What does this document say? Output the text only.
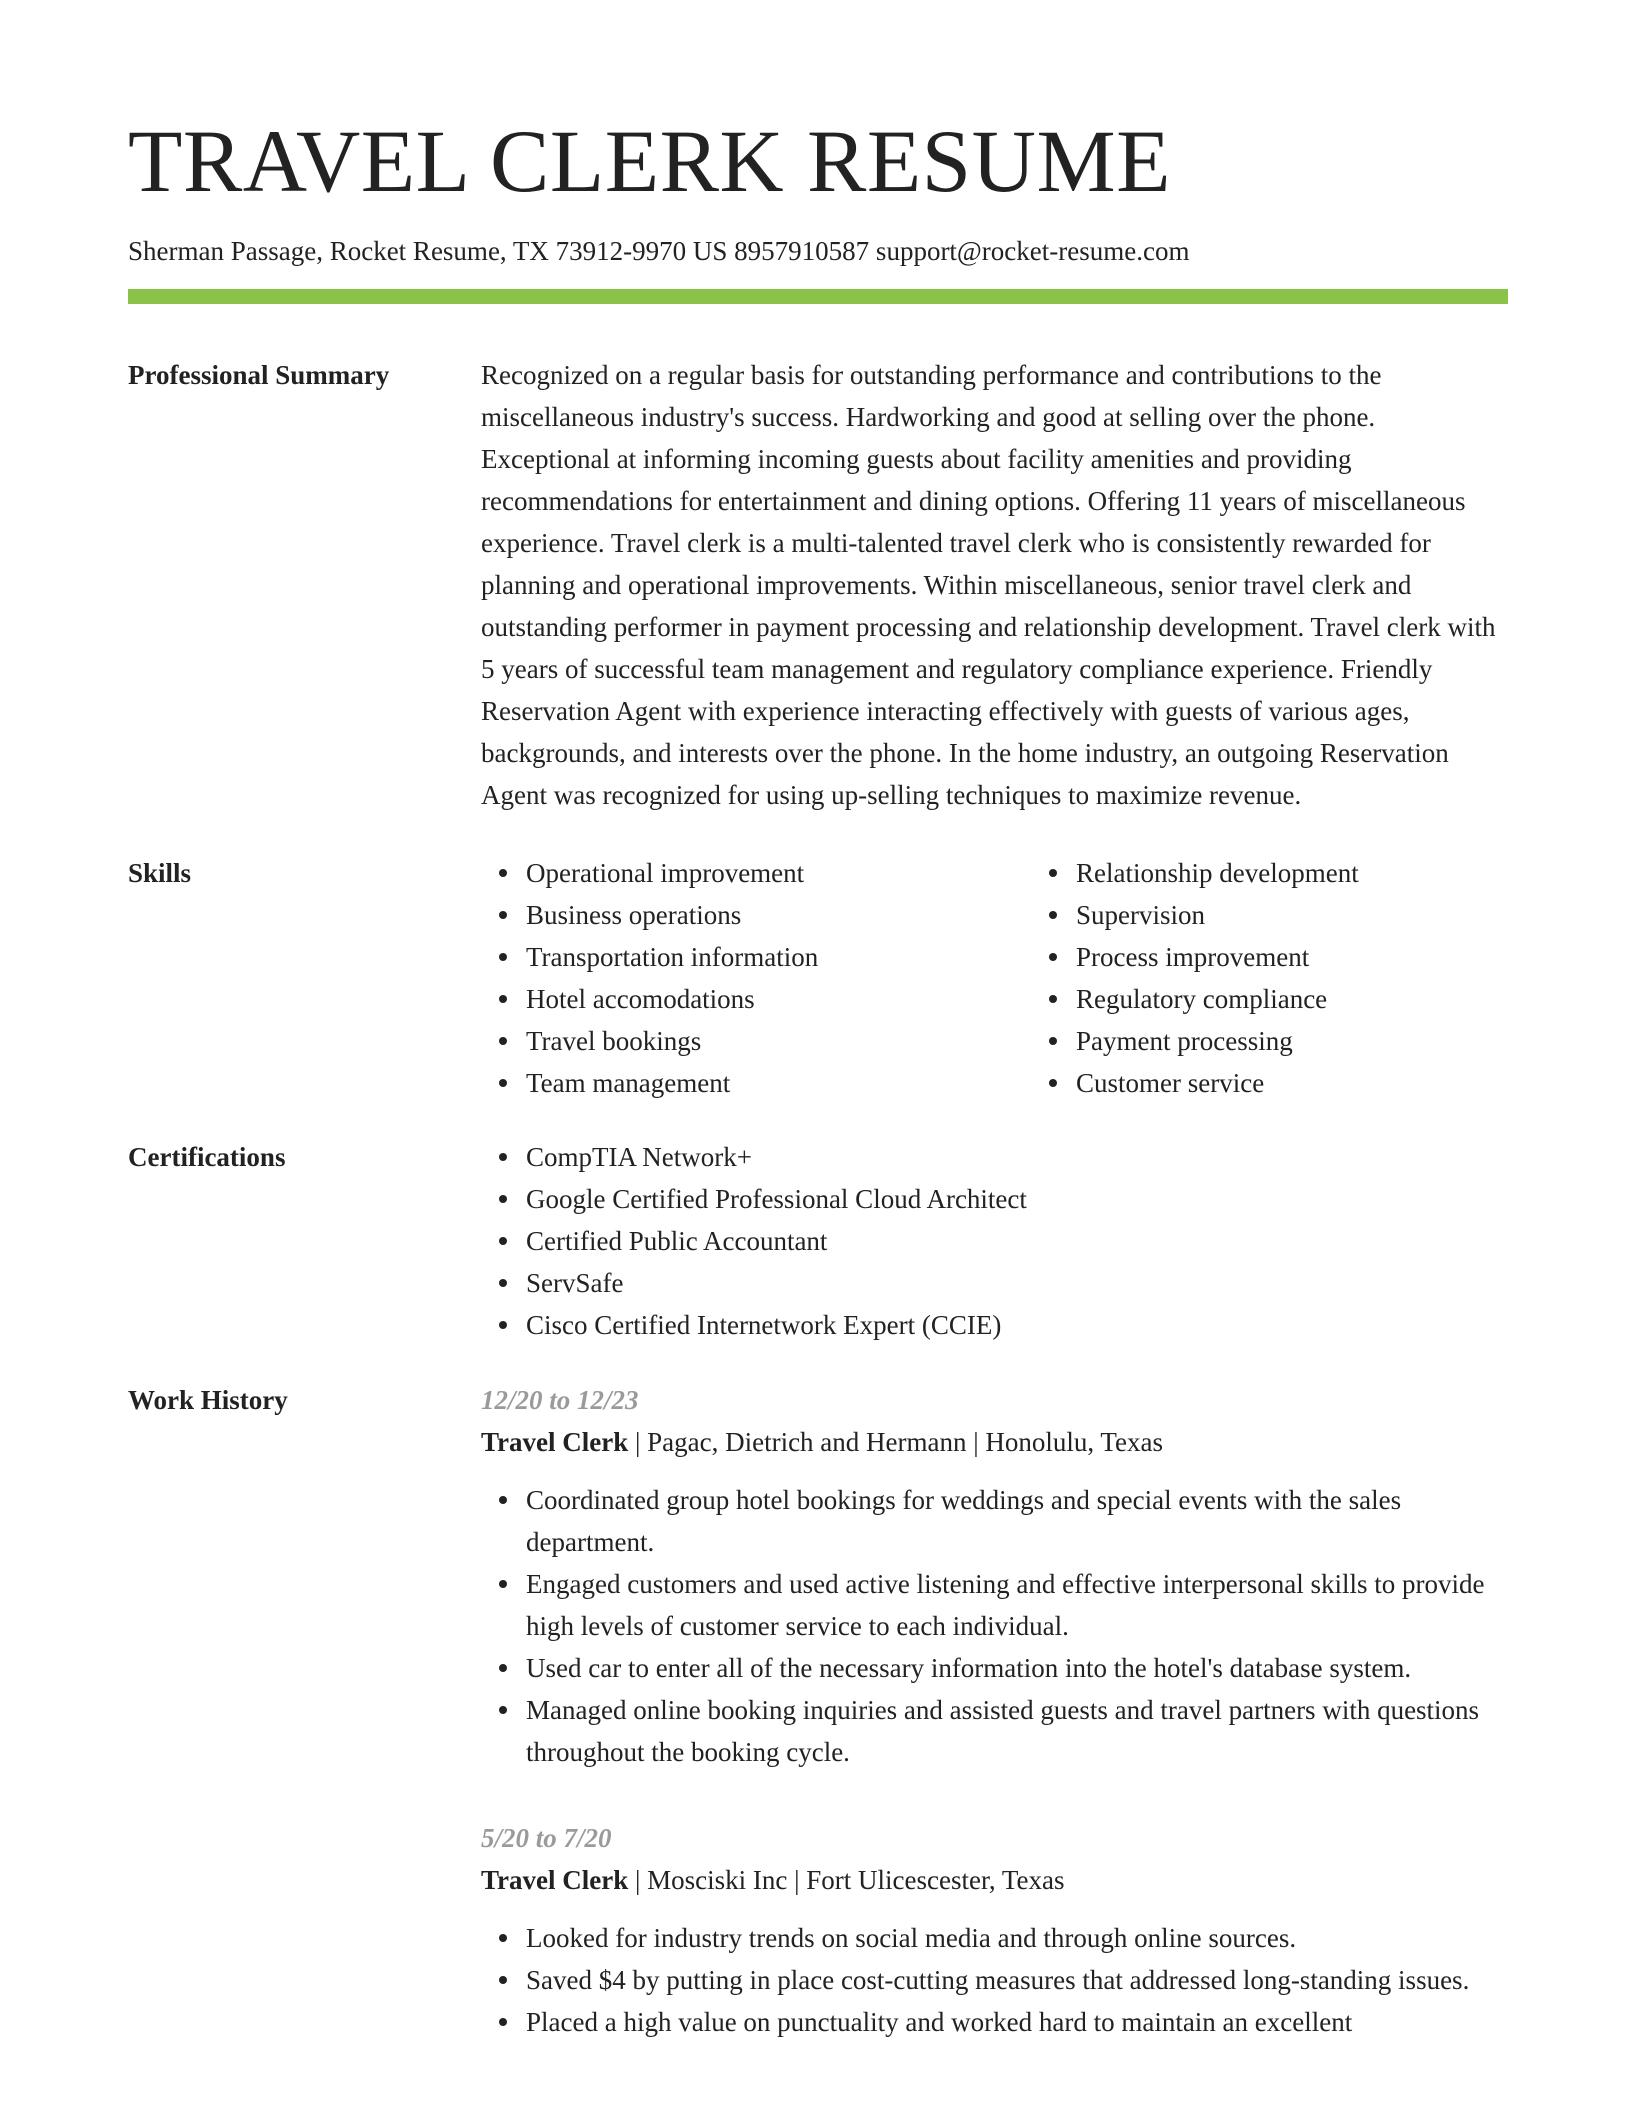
TRAVEL CLERK RESUME
Sherman Passage, Rocket Resume, TX 73912-9970 US 8957910587 support@rocket-resume.com
Professional Summary	Recognized on a regular basis for outstanding performance and contributions to the miscellaneous industry's success. Hardworking and good at selling over the phone. Exceptional at informing incoming guests about facility amenities and providing recommendations for entertainment and dining options. Offering 11 years of miscellaneous experience. Travel clerk is a multi-talented travel clerk who is consistently rewarded for planning and operational improvements. Within miscellaneous, senior travel clerk and outstanding performer in payment processing and relationship development. Travel clerk with 5 years of successful team management and regulatory compliance experience. Friendly Reservation Agent with experience interacting effectively with guests of various ages, backgrounds, and interests over the phone. In the home industry, an outgoing Reservation Agent was recognized for using up-selling techniques to maximize revenue.

Skills	Operational improvement
Business operations
Transportation information
Hotel accomodations
Travel bookings
Team management
Relationship development
Supervision
Process improvement
Regulatory compliance
Payment processing
Customer service
Certifications	CompTIA Network+
Google Certified Professional Cloud Architect
Certified Public Accountant
ServSafe
Cisco Certified Internetwork Expert (CCIE)
Work History	12/20 to 12/23
Travel Clerk | Pagac, Dietrich and Hermann | Honolulu, Texas
Coordinated group hotel bookings for weddings and special events with the sales department.
Engaged customers and used active listening and effective interpersonal skills to provide high levels of customer service to each individual.
Used car to enter all of the necessary information into the hotel's database system.
Managed online booking inquiries and assisted guests and travel partners with questions throughout the booking cycle.
5/20 to 7/20
Travel Clerk | Mosciski Inc | Fort Ulicescester, Texas
Looked for industry trends on social media and through online sources.
Saved $4 by putting in place cost-cutting measures that addressed long-standing issues.
Placed a high value on punctuality and worked hard to maintain an excellent
